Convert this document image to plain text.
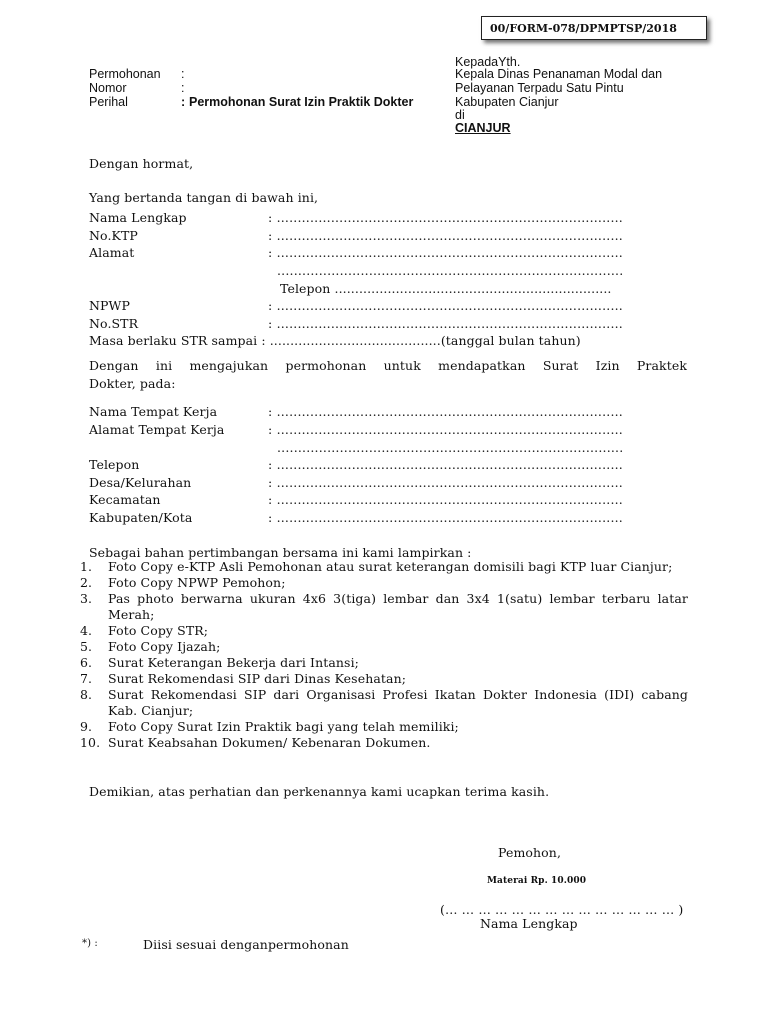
00/FORM-078/DPMPTSP/2018
KepadaYth.
Kepala Dinas Penanaman Modal dan
Pelayanan Terpadu Satu Pintu
Kabupaten Cianjur
di
CIANJUR
Permohonan :
Nomor	:
Perihal	: Permohonan Surat Izin Praktik Dokter
Dengan hormat,
Yang bertanda tangan di bawah ini,
Nama Lengkap	: ...................................................................................
No.KTP	: ...................................................................................
Alamat	: ...................................................................................
...................................................................................
Telepon ....................................................................
NPWP	: ...................................................................................
No.STR	: ...................................................................................
Masa berlaku STR sampai : ..........................................(tanggal bulan tahun)
Dengan ini mengajukan permohonan untuk mendapatkan Surat Izin Praktek
Dokter, pada:
Nama Tempat Kerja	: ...................................................................................
Alamat Tempat Kerja	: ...................................................................................
...................................................................................
Telepon	: ...................................................................................
Desa/Kelurahan	: ...................................................................................
Kecamatan	: ...................................................................................
Kabupaten/Kota	: ...................................................................................
Sebagai bahan pertimbangan bersama ini kami lampirkan :
1. Foto Copy e-KTP Asli Pemohonan atau surat keterangan domisili bagi KTP luar Cianjur;
2. Foto Copy NPWP Pemohon;
3. Pas photo berwarna ukuran 4x6 3(tiga) lembar dan 3x4 1(satu) lembar terbaru latar Merah;
4. Foto Copy STR;
5. Foto Copy Ijazah;
6. Surat Keterangan Bekerja dari Intansi;
7. Surat Rekomendasi SIP dari Dinas Kesehatan;
8. Surat Rekomendasi SIP dari Organisasi Profesi Ikatan Dokter Indonesia (IDI) cabang Kab. Cianjur;
9. Foto Copy Surat Izin Praktik bagi yang telah memiliki;
10. Surat Keabsahan Dokumen/ Kebenaran Dokumen.
Demikian, atas perhatian dan perkenannya kami ucapkan terima kasih.
Pemohon,
Materai Rp. 10.000
(… … … … … … … … … … … … … … )
Nama Lengkap
*) :	Diisi sesuai denganpermohonan
